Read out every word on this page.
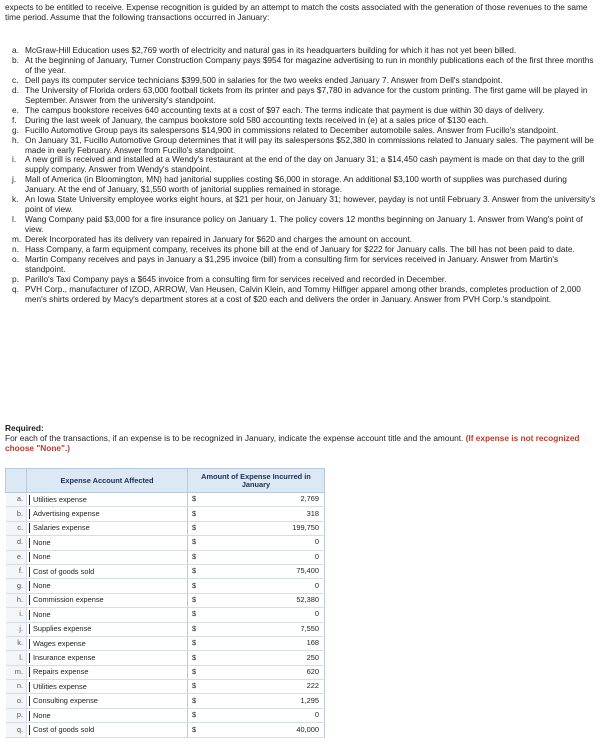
expects to be entitled to receive. Expense recognition is guided by an attempt to match the costs associated with the generation of those revenues to the same time period. Assume that the following transactions occurred in January:

a. McGraw-Hill Education uses $2,769 worth of electricity and natural gas in its headquarters building for which it has not yet been billed.
b. At the beginning of January, Turner Construction Company pays $954 for magazine advertising to run in monthly publications each of the first three months of the year.
c. Dell pays its computer service technicians $399,500 in salaries for the two weeks ended January 7. Answer from Dell's standpoint.
d. The University of Florida orders 63,000 football tickets from its printer and pays $7,780 in advance for the custom printing. The first game will be played in September. Answer from the university's standpoint.
e. The campus bookstore receives 640 accounting texts at a cost of $97 each. The terms indicate that payment is due within 30 days of delivery.
f. During the last week of January, the campus bookstore sold 580 accounting texts received in (e) at a sales price of $130 each.
g. Fucillo Automotive Group pays its salespersons $14,900 in commissions related to December automobile sales. Answer from Fucillo's standpoint.
h. On January 31, Fucillo Automotive Group determines that it will pay its salespersons $52,380 in commissions related to January sales. The payment will be made in early February. Answer from Fucillo's standpoint.
i. A new grill is received and installed at a Wendy's restaurant at the end of the day on January 31; a $14,450 cash payment is made on that day to the grill supply company. Answer from Wendy's standpoint.
j. Mall of America (in Bloomington, MN) had janitorial supplies costing $6,000 in storage. An additional $3,100 worth of supplies was purchased during January. At the end of January, $1,550 worth of janitorial supplies remained in storage.
k. An Iowa State University employee works eight hours, at $21 per hour, on January 31; however, payday is not until February 3. Answer from the university's point of view.
l. Wang Company paid $3,000 for a fire insurance policy on January 1. The policy covers 12 months beginning on January 1. Answer from Wang's point of view.
m. Derek Incorporated has its delivery van repaired in January for $620 and charges the amount on account.
n. Hass Company, a farm equipment company, receives its phone bill at the end of January for $222 for January calls. The bill has not been paid to date.
o. Martin Company receives and pays in January a $1,295 invoice (bill) from a consulting firm for services received in January. Answer from Martin's standpoint.
p. Parillo's Taxi Company pays a $645 invoice from a consulting firm for services received and recorded in December.
q. PVH Corp., manufacturer of IZOD, ARROW, Van Heusen, Calvin Klein, and Tommy Hilfiger apparel among other brands, completes production of 2,000 men's shirts ordered by Macy's department stores at a cost of $20 each and delivers the order in January. Answer from PVH Corp.'s standpoint.

Required:

For each of the transactions, if an expense is to be recognized in January, indicate the expense account title and the amount. (If expense is not recognized choose "None".)

	Expense Account Affected	Amount of Expense Incurred in January	
a.	Utilities expense	$	2,769
b.	Advertising expense	$	318
c.	Salaries expense	$	199,750
d.	None	$	0
e.	None	$	0
f.	Cost of goods sold	$	75,400
g.	None	$	0
h.	Commission expense	$	52,380
i.	None	$	0
j.	Supplies expense	$	7,550
k.	Wages expense	$	168
l.	Insurance expense	$	250
m.	Repairs expense	$	620
n.	Utilities expense	$	222
o.	Consulting expense	$	1,295
p.	None	$	0
q.	Cost of goods sold	$	40,000
